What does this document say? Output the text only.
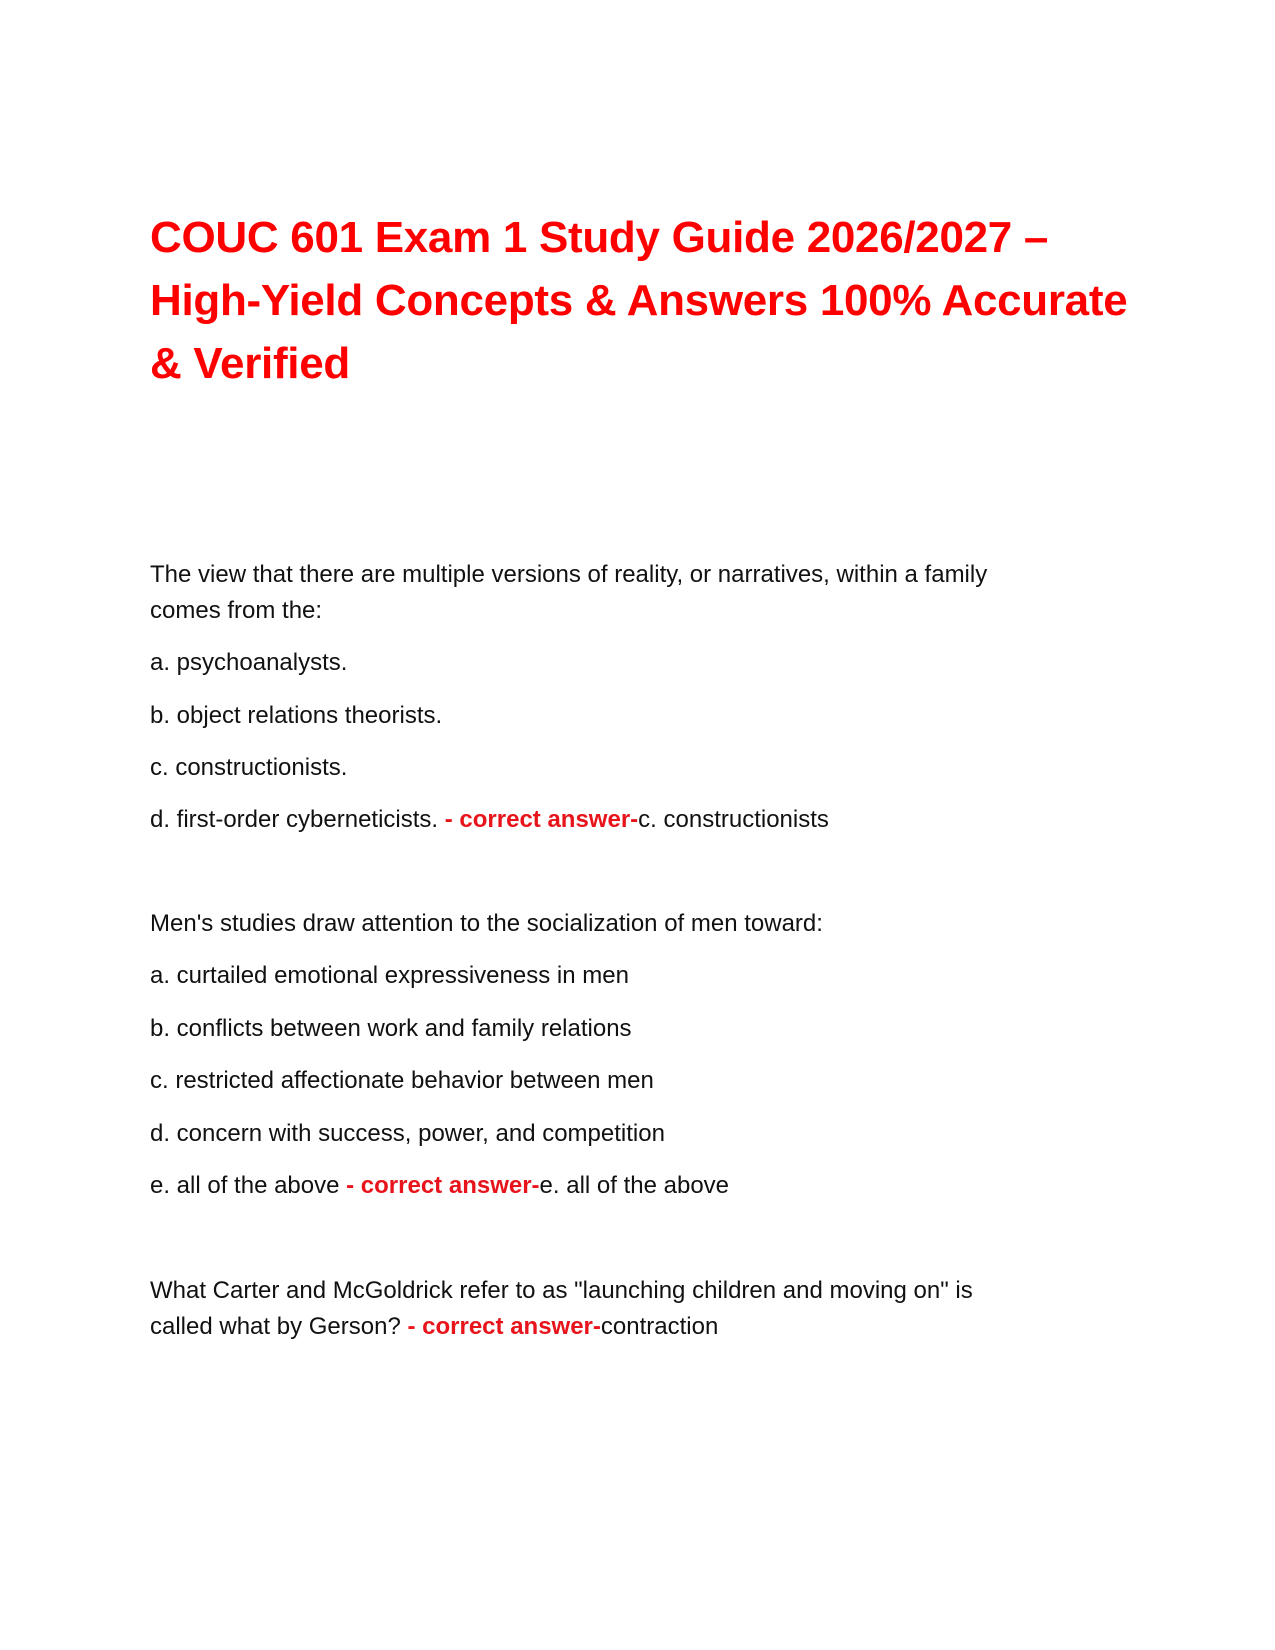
COUC 601 Exam 1 Study Guide 2026/2027 –
High-Yield Concepts & Answers 100% Accurate
& Verified

The view that there are multiple versions of reality, or narratives, within a family

comes from the:

a. psychoanalysts.

b. object relations theorists.

c. constructionists.

d. first-order cyberneticists. - correct answer-c. constructionists

Men's studies draw attention to the socialization of men toward:

a. curtailed emotional expressiveness in men

b. conflicts between work and family relations

c. restricted affectionate behavior between men

d. concern with success, power, and competition

e. all of the above - correct answer-e. all of the above

What Carter and McGoldrick refer to as "launching children and moving on" is

called what by Gerson? - correct answer-contraction
